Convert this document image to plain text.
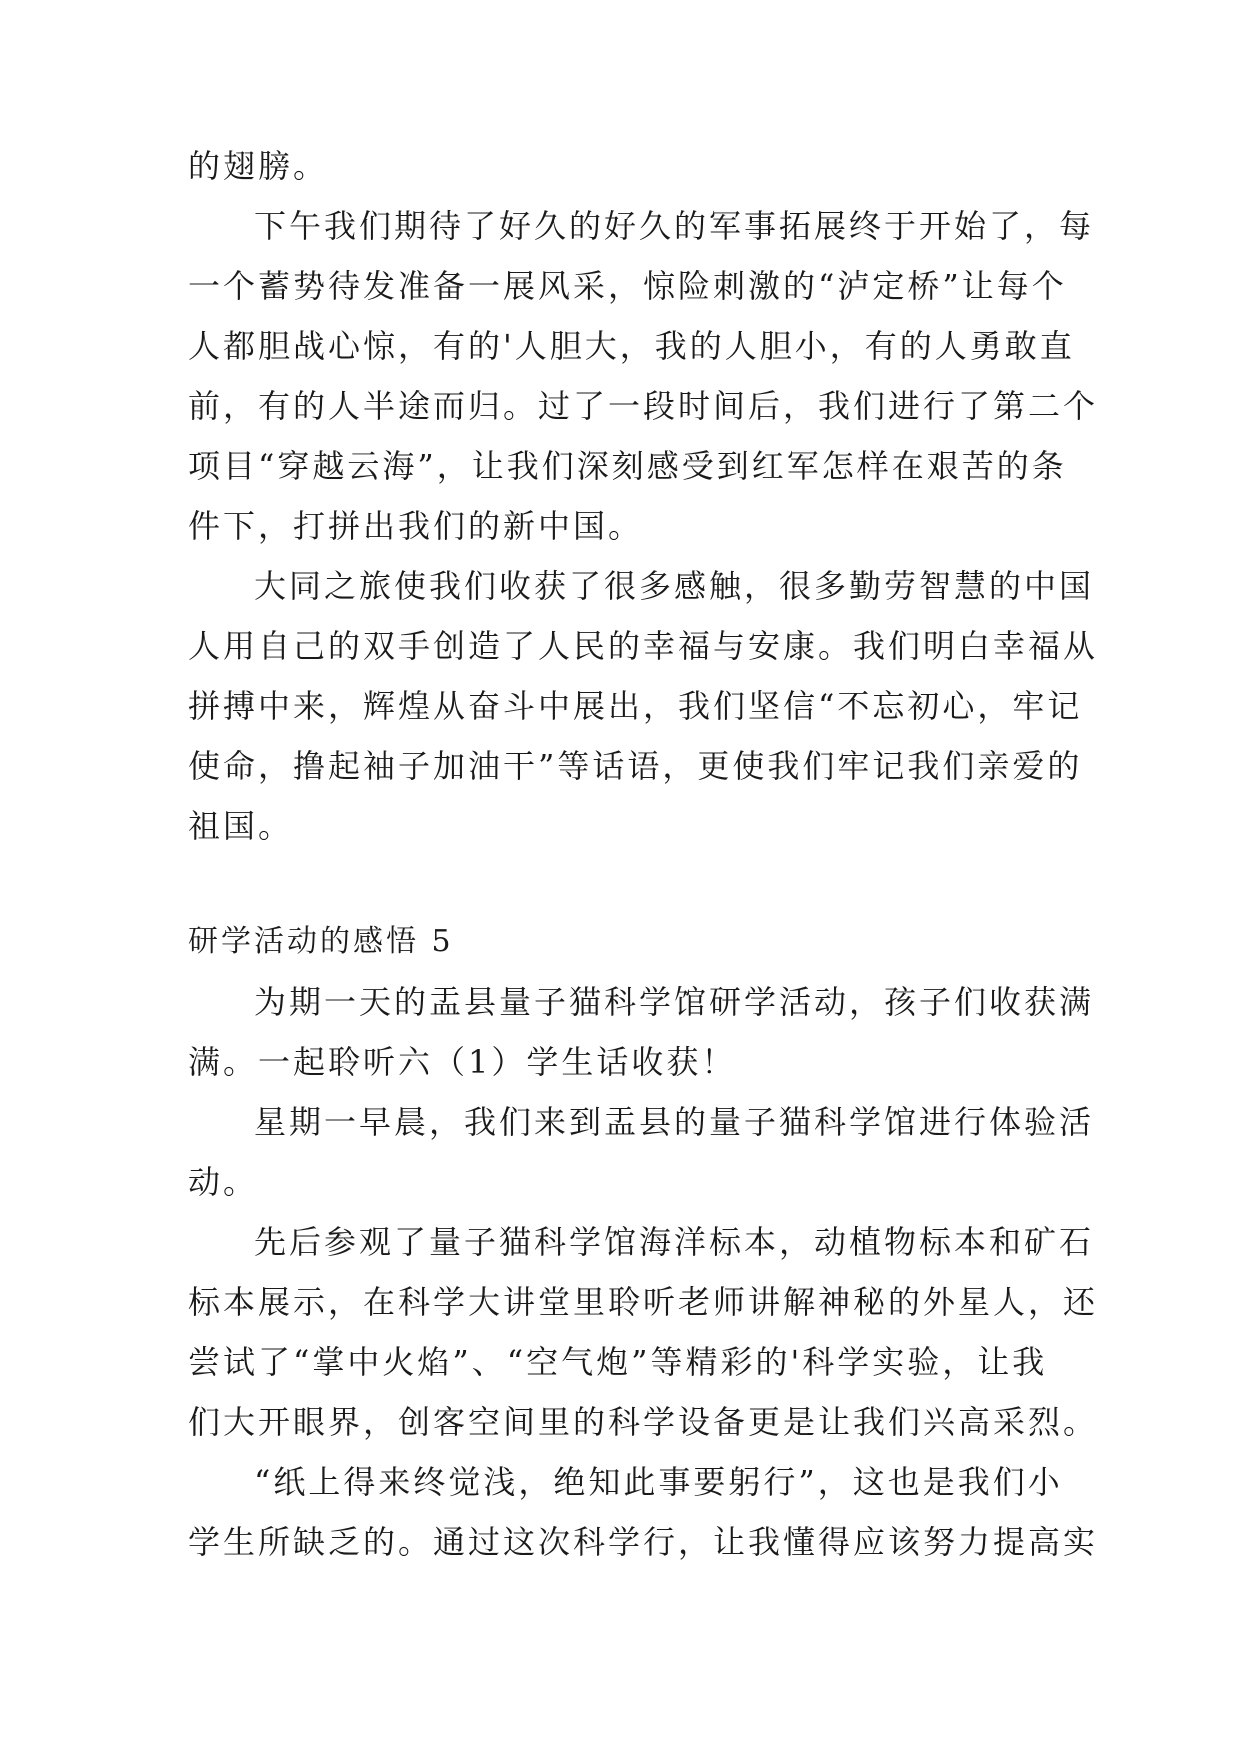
的翅膀。
下午我们期待了好久的好久的军事拓展终于开始了，每
一个蓄势待发准备一展风采，惊险刺激的“泸定桥”让每个
人都胆战心惊，有的'人胆大，我的人胆小，有的人勇敢直
前，有的人半途而归。过了一段时间后，我们进行了第二个
项目“穿越云海”，让我们深刻感受到红军怎样在艰苦的条
件下，打拼出我们的新中国。
大同之旅使我们收获了很多感触，很多勤劳智慧的中国
人用自己的双手创造了人民的幸福与安康。我们明白幸福从
拼搏中来，辉煌从奋斗中展出，我们坚信“不忘初心，牢记
使命，撸起袖子加油干”等话语，更使我们牢记我们亲爱的
祖国。
研学活动的感悟 5
为期一天的盂县量子猫科学馆研学活动，孩子们收获满
满。一起聆听六（1）学生话收获！
星期一早晨，我们来到盂县的量子猫科学馆进行体验活
动。
先后参观了量子猫科学馆海洋标本，动植物标本和矿石
标本展示，在科学大讲堂里聆听老师讲解神秘的外星人，还
尝试了“掌中火焰”、“空气炮”等精彩的'科学实验，让我
们大开眼界，创客空间里的科学设备更是让我们兴高采烈。
“纸上得来终觉浅，绝知此事要躬行”，这也是我们小
学生所缺乏的。通过这次科学行，让我懂得应该努力提高实
